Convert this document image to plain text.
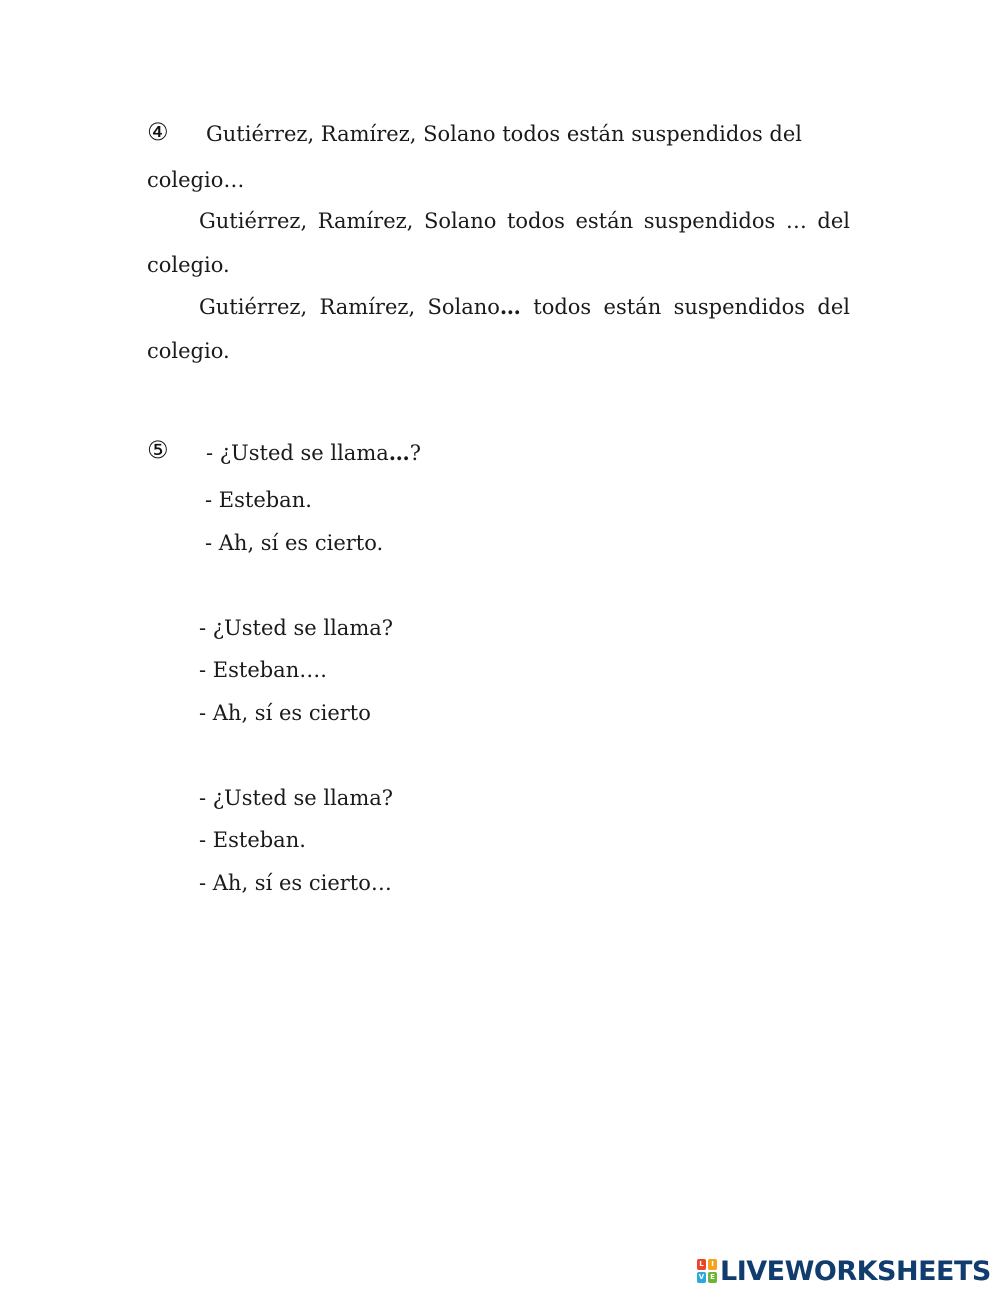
④ Gutiérrez, Ramírez, Solano todos están suspendidos del
colegio…
Gutiérrez, Ramírez, Solano todos están suspendidos … del
colegio.
Gutiérrez, Ramírez, Solano… todos están suspendidos del
colegio.
⑤ - ¿Usted se llama…?
- Esteban.
- Ah, sí es cierto.
- ¿Usted se llama?
- Esteban….
- Ah, sí es cierto
- ¿Usted se llama?
- Esteban.
- Ah, sí es cierto…
L	I
V E LIVEWORKSHEETS
